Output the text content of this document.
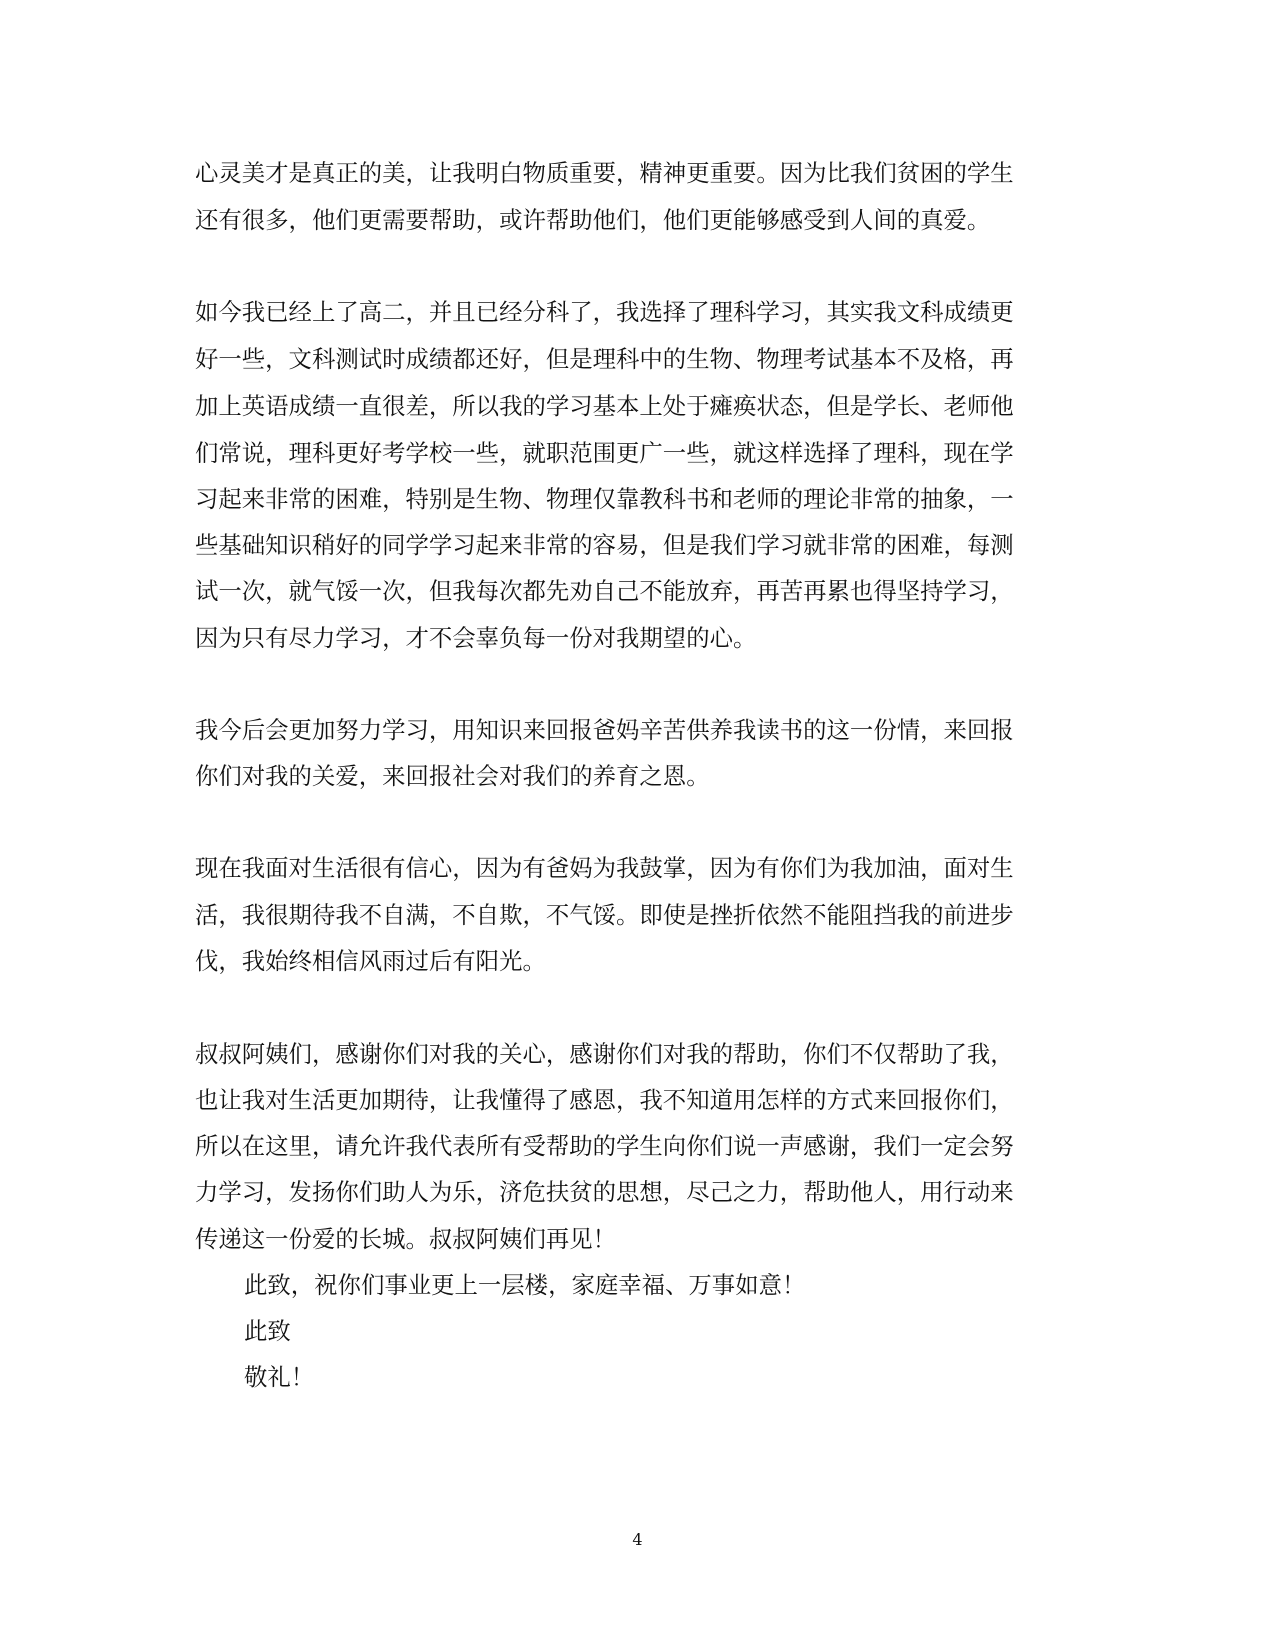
心灵美才是真正的美，让我明白物质重要，精神更重要。因为比我们贫困的学生
还有很多，他们更需要帮助，或许帮助他们，他们更能够感受到人间的真爱。
如今我已经上了高二，并且已经分科了，我选择了理科学习，其实我文科成绩更
好一些，文科测试时成绩都还好，但是理科中的生物、物理考试基本不及格，再
加上英语成绩一直很差，所以我的学习基本上处于瘫痪状态，但是学长、老师他
们常说，理科更好考学校一些，就职范围更广一些，就这样选择了理科，现在学
习起来非常的困难，特别是生物、物理仅靠教科书和老师的理论非常的抽象，一
些基础知识稍好的同学学习起来非常的容易，但是我们学习就非常的困难，每测
试一次，就气馁一次，但我每次都先劝自己不能放弃，再苦再累也得坚持学习，
因为只有尽力学习，才不会辜负每一份对我期望的心。
我今后会更加努力学习，用知识来回报爸妈辛苦供养我读书的这一份情，来回报
你们对我的关爱，来回报社会对我们的养育之恩。
现在我面对生活很有信心，因为有爸妈为我鼓掌，因为有你们为我加油，面对生
活，我很期待我不自满，不自欺，不气馁。即使是挫折依然不能阻挡我的前进步
伐，我始终相信风雨过后有阳光。
叔叔阿姨们，感谢你们对我的关心，感谢你们对我的帮助，你们不仅帮助了我，
也让我对生活更加期待，让我懂得了感恩，我不知道用怎样的方式来回报你们，
所以在这里，请允许我代表所有受帮助的学生向你们说一声感谢，我们一定会努
力学习，发扬你们助人为乐，济危扶贫的思想，尽己之力，帮助他人，用行动来
传递这一份爱的长城。叔叔阿姨们再见！
此致，祝你们事业更上一层楼，家庭幸福、万事如意！
此致
敬礼！
4
